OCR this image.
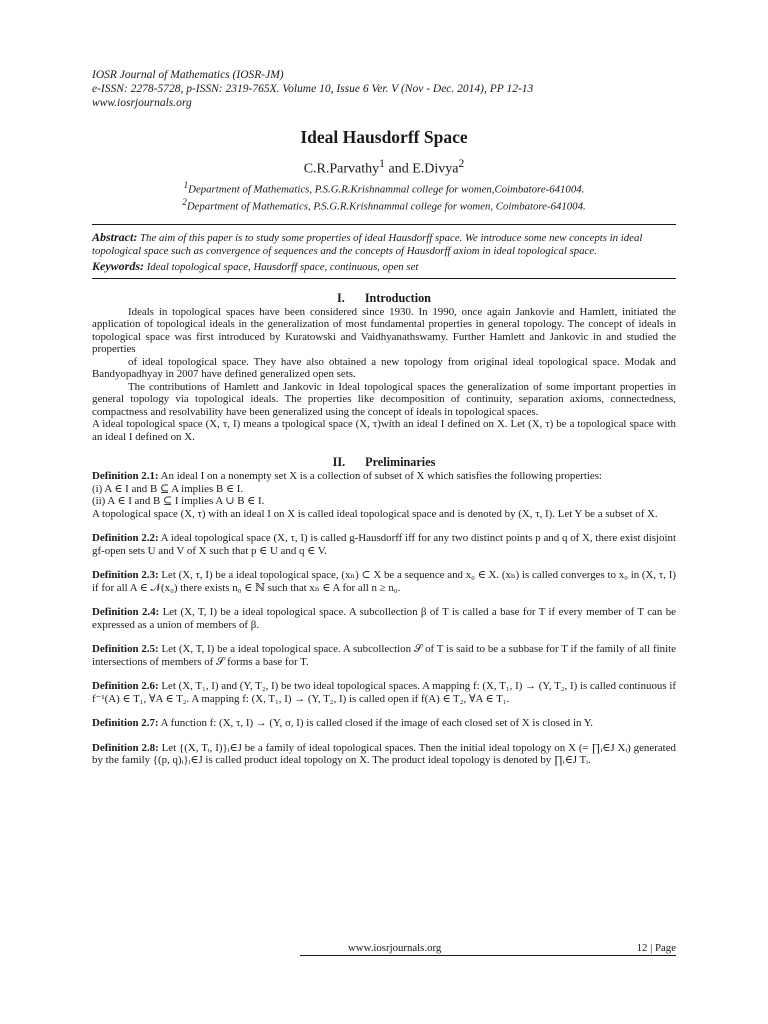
IOSR Journal of Mathematics (IOSR-JM)
e-ISSN: 2278-5728, p-ISSN: 2319-765X. Volume 10, Issue 6 Ver. V (Nov - Dec. 2014), PP 12-13
www.iosrjournals.org
Ideal Hausdorff Space
C.R.Parvathy$^1$ and E.Divya$^2$
$^1$Department of Mathematics, P.S.G.R.Krishnammal college for women,Coimbatore-641004.
$^2$Department of Mathematics, P.S.G.R.Krishnammal college for women, Coimbatore-641004.
Abstract: The aim of this paper is to study some properties of ideal Hausdorff space. We introduce some new concepts in ideal topological space such as convergence of sequences and the concepts of Hausdorff axiom in ideal topological space.
Keywords: Ideal topological space, Hausdorff space, continuous, open set
I. Introduction

Ideals in topological spaces have been considered since 1930. In 1990, once again Jankovie and Hamlett, initiated the application of topological ideals in the generalization of most fundamental properties in general topology. The concept of ideals in topological space was first introduced by Kuratowski and Vaidhyanathswamy. Further Hamlett and Jankovic in and studied the properties

of ideal topological space. They have also obtained a new topology from original ideal topological space. Modak and Bandyopadhyay in 2007 have defined generalized open sets.

The contributions of Hamlett and Jankovic in Ideal topological spaces the generalization of some important properties in general topology via topological ideals. The properties like decomposition of continuity, separation axioms, connectedness, compactness and resolvability have been generalized using the concept of ideals in topological spaces.

A ideal topological space (X, τ, I) means a tpological space (X, τ)with an ideal I defined on X. Let (X, τ) be a topological space with an ideal I defined on X.

II. Preliminaries

Definition 2.1: An ideal I on a nonempty set X is a collection of subset of X which satisfies the following properties:

(i) A ∈ I and B ⊆ A implies B ∈ I.

(ii) A ∈ I and B ⊆ I implies A ∪ B ∈ I.

A topological space (X, τ) with an ideal I on X is called ideal topological space and is denoted by (X, τ, I). Let Y be a subset of X.

Definition 2.2: A ideal topological space (X, τ, I) is called g-Hausdorff iff for any two distinct points p and q of X, there exist disjoint gf-open sets U and V of X such that p ∈ U and q ∈ V.

Definition 2.3: Let (X, τ, I) be a ideal topological space, (xₙ) ⊂ X be a sequence and x₀ ∈ X. (xₙ) is called converges to x₀ in (X, τ, I) if for all A ∈ 𝒩(x₀) there exists n₀ ∈ ℕ such that xₙ ∈ A for all n ≥ n₀.

Definition 2.4: Let (X, T, I) be a ideal topological space. A subcollection β of T is called a base for T if every member of T can be expressed as a union of members of β.

Definition 2.5: Let (X, T, I) be a ideal topological space. A subcollection 𝒮 of T is said to be a subbase for T if the family of all finite intersections of members of 𝒮 forms a base for T.

Definition 2.6: Let (X, T₁, I) and (Y, T₂, I) be two ideal topological spaces. A mapping f: (X, T₁, I) → (Y, T₂, I) is called continuous if f⁻¹(A) ∈ T₁, ∀A ∈ T₂. A mapping f: (X, T₁, I) → (Y, T₂, I) is called open if f(A) ∈ T₂, ∀A ∈ T₁.

Definition 2.7: A function f: (X, τ, I) → (Y, σ, I) is called closed if the image of each closed set of X is closed in Y.

Definition 2.8: Let {(X, Tᵢ, I)}ᵢ∈J be a family of ideal topological spaces. Then the initial ideal topology on X (= ∏ᵢ∈J Xᵢ) generated by the family {(p, q)ᵢ}ᵢ∈J is called product ideal topology on X. The product ideal topology is denoted by ∏ᵢ∈J Tᵢ.

www.iosrjournals.org	12 | Page
